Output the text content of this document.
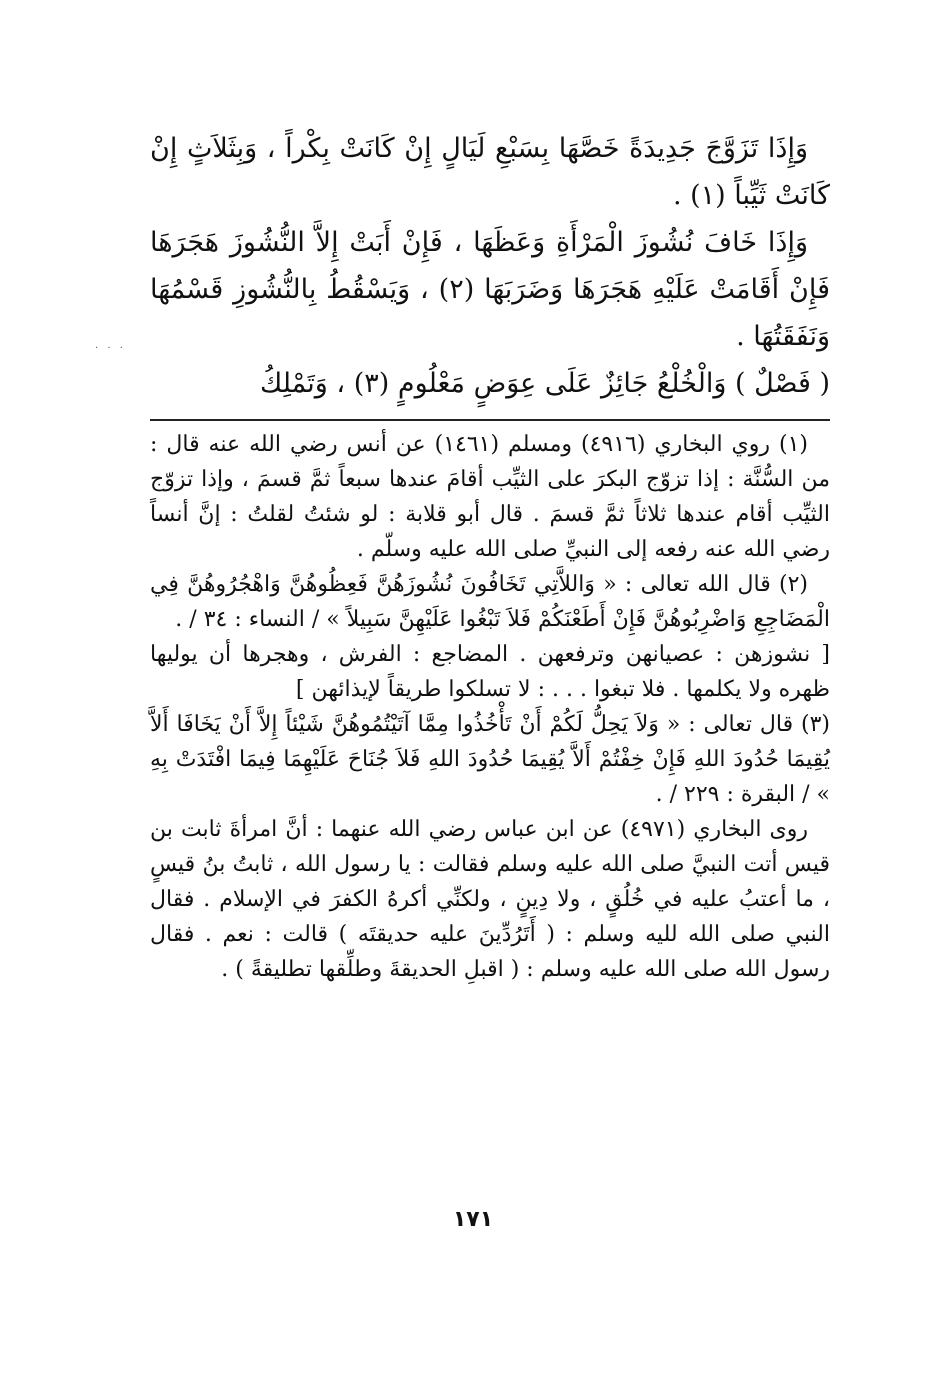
. . .

وَإِذَا تَزَوَّجَ جَدِيدَةً خَصَّهَا بِسَبْعِ لَيَالٍ إِنْ كَانَتْ بِكْراً ، وَبِثَلاَثٍ إِنْ كَانَتْ ثَيِّباً (١) .

وَإِذَا خَافَ نُشُوزَ الْمَرْأَةِ وَعَظَهَا ، فَإِنْ أَبَتْ إِلاَّ النُّشُوزَ هَجَرَهَا فَإِنْ أَقَامَتْ عَلَيْهِ هَجَرَهَا وَضَرَبَهَا (٢) ، وَيَسْقُطُ بِالنُّشُوزِ قَسْمُهَا وَنَفَقَتُهَا .

( فَصْلٌ ) وَالْخُلْعُ جَائِزٌ عَلَى عِوَضٍ مَعْلُومٍ (٣) ، وَتَمْلِكُ

(١) روي البخاري (٤٩١٦) ومسلم (١٤٦١) عن أنس رضي الله عنه قال : من السُّنَّة : إذا تزوّج البكرَ على الثيِّب أقامَ عندها سبعاً ثمَّ قسمَ ، وإذا تزوّج الثيِّب أقام عندها ثلاثاً ثمَّ قسمَ . قال أبو قلابة : لو شئتُ لقلتُ : إنَّ أنساً رضي الله عنه رفعه إلى النبيِّ صلى الله عليه وسلّم .

(٢) قال الله تعالى : « وَاللاَّتِي تَخَافُونَ نُشُوزَهُنَّ فَعِظُوهُنَّ وَاهْجُرُوهُنَّ فِي الْمَضَاجِعِ وَاضْرِبُوهُنَّ فَإِنْ أَطَعْنَكُمْ فَلاَ تَبْغُوا عَلَيْهِنَّ سَبِيلاً » / النساء : ٣٤ / .

[ نشوزهن : عصيانهن وترفعهن . المضاجع : الفرش ، وهجرها أن يوليها ظهره ولا يكلمها . فلا تبغوا . . . : لا تسلكوا طريقاً لإيذائهن ]

(٣) قال تعالى : « وَلاَ يَحِلُّ لَكُمْ أَنْ تَأْخُذُوا مِمَّا آتَيْتُمُوهُنَّ شَيْئاً إِلاَّ أَنْ يَخَافَا أَلاَّ يُقِيمَا حُدُودَ اللهِ فَإِنْ خِفْتُمْ أَلاَّ يُقِيمَا حُدُودَ اللهِ فَلاَ جُنَاحَ عَلَيْهِمَا فِيمَا افْتَدَتْ بِهِ » / البقرة : ٢٢٩ / .

روى البخاري (٤٩٧١) عن ابن عباس رضي الله عنهما : أنَّ امرأةَ ثابت بن قيس أتت النبيَّ صلى الله عليه وسلم فقالت : يا رسول الله ، ثابتُ بنُ قيسٍ ، ما أعتبُ عليه في خُلُقٍ ، ولا دِينٍ ، ولكنِّي أكرهُ الكفرَ في الإسلام . فقال النبي صلى الله لليه وسلم : ( أَتَرُدِّينَ عليه حديقتَه ) قالت : نعم . فقال رسول الله صلى الله عليه وسلم : ( اقبلِ الحديقةَ وطلِّقها تطليقةً ) .

١٧١
